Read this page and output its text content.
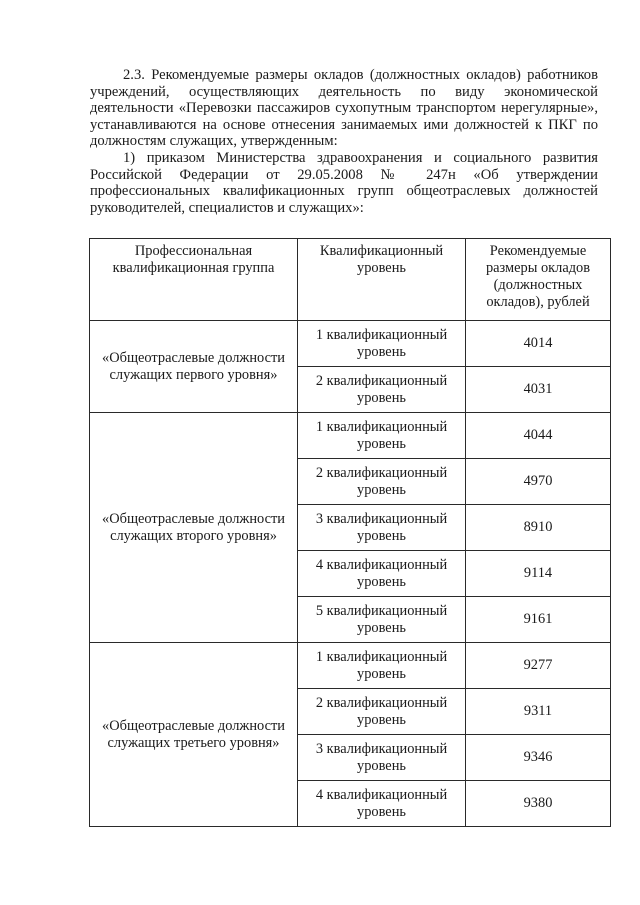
2.3. Рекомендуемые размеры окладов (должностных окладов) работников учреждений, осуществляющих деятельность по виду экономической деятельности «Перевозки пассажиров сухопутным транспортом нерегулярные», устанавливаются на основе отнесения занимаемых ими должностей к ПКГ по должностям служащих, утвержденным:

1) приказом Министерства здравоохранения и социального развития Российской Федерации от 29.05.2008 № 247н «Об утверждении профессиональных квалификационных групп общеотраслевых должностей руководителей, специалистов и служащих»:

Профессиональная квалификационная группа	Квалификационный уровень	Рекомендуемые размеры окладов (должностных окладов), рублей
«Общеотраслевые должности служащих первого уровня»	1 квалификационный уровень	4014
	2 квалификационный уровень	4031
«Общеотраслевые должности служащих второго уровня»	1 квалификационный уровень	4044
	2 квалификационный уровень	4970
	3 квалификационный уровень	8910
	4 квалификационный уровень	9114
	5 квалификационный уровень	9161
«Общеотраслевые должности служащих третьего уровня»	1 квалификационный уровень	9277
	2 квалификационный уровень	9311
	3 квалификационный уровень	9346
	4 квалификационный уровень	9380
